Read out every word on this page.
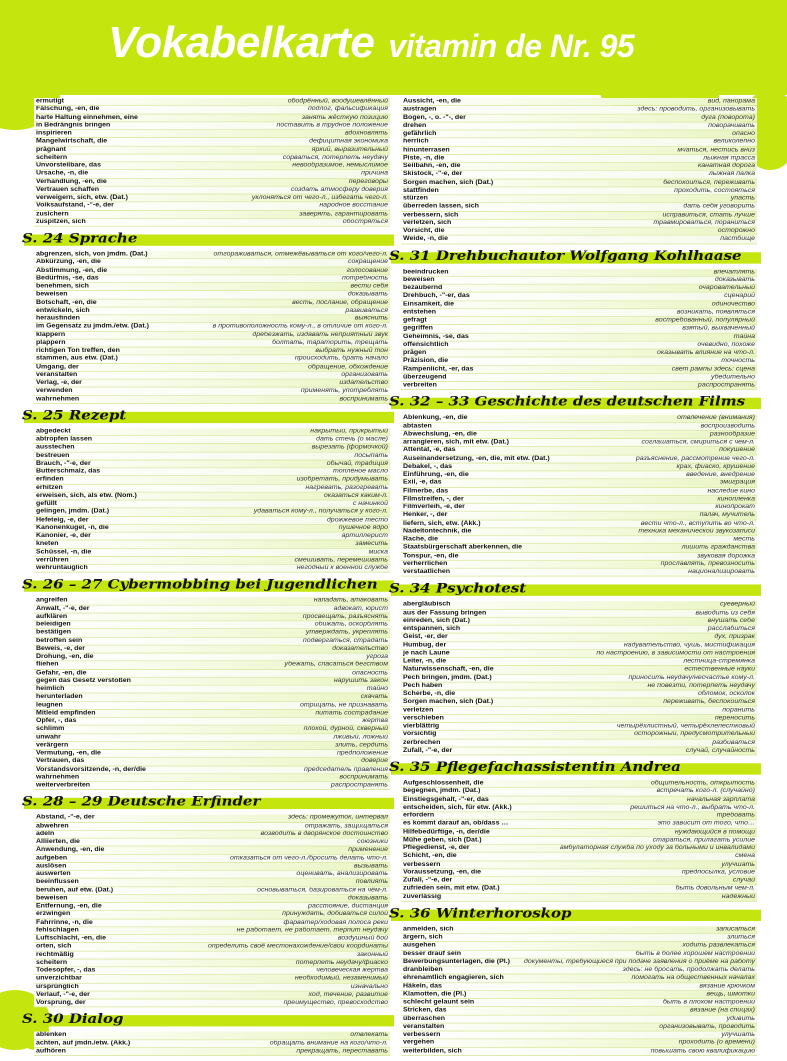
Vokabelkarte vitamin de Nr. 95
ermutigt	ободрённый, воодушевлённый
Fälschung, -en, die	подлог, фальсификация
harte Haltung einnehmen, eine	занять жёсткую позицию
in Bedrängnis bringen	поставить в трудное положение
inspirieren	вдохновлять
Mangelwirtschaft, die	дефицитная экономика
prägnant	яркий, выразительный
scheitern	сорваться, потерпеть неудачу
Unvorstellbare, das	невообразимое, немыслимое
Ursache, -n, die	причина
Verhandlung, -en, die	переговоры
Vertrauen schaffen	создать атмосферу доверия
verweigern, sich, etw. (Dat.)	уклоняться от чего-л., избегать чего-л.
Volksaufstand, -"-e, der	народное восстание
zusichern	заверять, гарантировать
zuspitzen, sich	обостряться
S. 24 Sprache
abgrenzen, sich, von jmdm. (Dat.)	отгораживаться, отмежёвываться от кого/чего-л.
Abkürzung, -en, die	сокращение
Abstimmung, -en, die	голосование
Bedürfnis, -se, das	потребность
benehmen, sich	вести себя
beweisen	доказывать
Botschaft, -en, die	весть, послание, обращение
entwickeln, sich	развиваться
herausfinden	выяснить
im Gegensatz zu jmdm./etw. (Dat.)	в противоположность кому-л., в отличие от кого-л.
klappern	дребезжать, издавать неприятный звук
plappern	болтать, тараторить, трещать
richtigen Ton treffen, den	выбрать нужный тон
stammen, aus etw. (Dat.)	происходить, брать начало
Umgang, der	обращение, обхождение
veranstalten	организовать
Verlag, -e, der	издательство
verwenden	применять, употреблять
wahrnehmen	воспринимать
S. 25 Rezept
abgedeckt	накрытый, прикрытый
abtropfen lassen	дать стечь (о масле)
ausstechen	вырезать (формочкой)
bestreuen	посыпать
Brauch, -"-e, der	обычай, традиция
Butterschmalz, das	топлёное масло
erfinden	изобретать, придумывать
erhitzen	нагревать, разогревать
erweisen, sich, als etw. (Nom.)	оказаться каким-л.
gefüllt	с начинкой
gelingen, jmdm. (Dat.)	удаваться кому-л., получаться у кого-л.
Hefeteig, -e, der	дрожжевое тесто
Kanonenkugel, -n, die	пушечное ядро
Kanonier, -e, der	артиллерист
kneten	замесить
Schüssel, -n, die	миска
verrühren	смешивать, перемешивать
wehruntauglich	негодный к военной службе
S. 26 – 27 Cybermobbing bei Jugendlichen
angreifen	нападать, атаковать
Anwalt, -"-e, der	адвокат, юрист
aufklären	просвещать, разъяснять
beleidigen	обижать, оскорблять
bestätigen	утверждать, укреплять
betroffen sein	подвергаться, страдать
Beweis, -e, der	доказательство
Drohung, -en, die	угроза
fliehen	убежать, спасаться бегством
Gefahr, -en, die	опасность
gegen das Gesetz verstoßen	нарушить закон
heimlich	тайно
herunterladen	скачать
leugnen	отрицать, не признавать
Mitleid empfinden	питать сострадание
Opfer, -, das	жертва
schlimm	плохой, дурной, скверный
unwahr	лживый, ложный
verärgern	злить, сердить
Vermutung, -en, die	предположение
Vertrauen, das	доверие
Vorstandsvorsitzende, -n, der/die	председатель правления
wahrnehmen	воспринимать
weiterverbreiten	распространять
S. 28 – 29 Deutsche Erfinder
Abstand, -"-e, der	здесь: промежуток, интервал
abwehren	отражать, защищаться
adeln	возводить в дворянское достоинство
Alliierten, die	союзники
Anwendung, -en, die	применение
aufgeben	отказаться от чего-л./бросить делать что-л.
auslösen	вызывать
auswerten	оценивать, анализировать
beeinflussen	повлиять
beruhen, auf etw. (Dat.)	основываться, базироваться на чём-л.
beweisen	доказывать
Entfernung, -en, die	расстояние, дистанция
erzwingen	принуждать, добиваться силой
Fahrrinne, -n, die	фарватер/ходовая полоса реки
fehlschlagen	не работает, не работает, терпит неудачу
Luftschlacht, -en, die	воздушный бой
orten, sich	определить своё местонахождение/свои координаты
rechtmäßig	законный
scheitern	потерпеть неудачу/фиаско
Todesopfer, -, das	человеческая жертва
unverzichtbar	необходимый, незаменимый
ursprünglich	изначально
Verlauf, -"-e, der	ход, течение, развитие
Vorsprung, der	преимущество, превосходство
S. 30 Dialog
ablenken	отвлекать
achten, auf jmdn./etw. (Akk.)	обращать внимание на кого/что-л.
aufhören	прекращать, переставать
Aussicht, -en, die	вид, панорама
austragen	здесь: проводить, организовывать
Bogen, -, o. -"-, der	дуга (поворота)
drehen	поворачивать
gefährlich	опасно
herrlich	великолепно
hinunterrasen	мчаться, нестись вниз
Piste, -n, die	лыжная трасса
Seilbahn, -en, die	канатная дорога
Skistock, -"-e, der	лыжная палка
Sorgen machen, sich (Dat.)	беспокоиться, переживать
stattfinden	проходить, состояться
stürzen	упасть
überreden lassen, sich	дать себя уговорить
verbessern, sich	исправиться, стать лучше
verletzen, sich	травмироваться, пораниться
Vorsicht, die	осторожно
Weide, -n, die	пастбище
S. 31 Drehbuchautor Wolfgang Kohlhaase
beeindrucken	впечатлять
beweisen	доказывать
bezaubernd	очаровательный
Drehbuch, -"-er, das	сценарий
Einsamkeit, die	одиночество
entstehen	возникать, появляться
gefragt	востребованный, популярный
gegriffen	взятый, выхваченный
Geheimnis, -se, das	тайна
offensichtlich	очевидно, похоже
prägen	оказывать влияние на что-л.
Präzision, die	точность
Rampenlicht, -er, das	свет рампы здесь: сцена
überzeugend	убедительно
verbreiten	распространять
S. 32 – 33 Geschichte des deutschen Films
Ablenkung, -en, die	отвлечение (внимания)
abtasten	воспроизводить
Abwechslung, -en, die	разнообразие
arrangieren, sich, mit etw. (Dat.)	соглашаться, смириться с чем-л.
Attentat, -e, das	покушение
Auseinandersetzung, -en, die, mit etw. (Dat.)	разъяснение, рассмотрение чего-л.
Debakel, -, das	крах, фиаско, крушение
Einführung, -en, die	введение, внедрение
Exil, -e, das	эмиграция
Filmerbe, das	наследие кино
Filmstreifen, -, der	кинопленка
Filmverleih, -e, der	кинопрокат
Henker, -, der	палач, мучитель
liefern, sich, etw. (Akk.)	вести что-л., вступить во что-л.
Nadeltontechnik, die	техника механической звукозаписи
Rache, die	месть
Staatsbürgerschaft aberkennen, die	лишить гражданства
Tonspur, -en, die	звуковая дорожка
verherrlichen	прославлять, превозносить
verstaatlichen	национализировать
S. 34 Psychotest
abergläubisch	суеверный
aus der Fassung bringen	выводить из себя
einreden, sich (Dat.)	внушать себе
entspannen, sich	расслабиться
Geist, -er, der	дух, призрак
Humbug, der	надувательство, чушь, мистификация
je nach Laune	по настроению, в зависимости от настроения
Leiter, -n, die	лестница-стремянка
Naturwissenschaft, -en, die	естественные науки
Pech bringen, jmdm. (Dat.)	приносить неудачу/несчастье кому-л.
Pech haben	не повезти, потерпеть неудачу
Scherbe, -n, die	обломок, осколок
Sorgen machen, sich (Dat.)	переживать, беспокоиться
verletzen	поранить
verschieben	переносить
vierblättrig	четырёхлистный, четырёхлепестковый
vorsichtig	осторожный, предусмотрительный
zerbrechen	разбиваться
Zufall, -"-e, der	случай, случайность
S. 35 Pflegefachassistentin Andrea
Aufgeschlossenheit, die	общительность, открытость
begegnen, jmdm. (Dat.)	встречать кого-л. (случайно)
Einstiegsgehalt, -"-er, das	начальная зарплата
entscheiden, sich, für etw. (Akk.)	решиться на что-л., выбрать что-л.
erfordern	требовать
es kommt darauf an, ob/dass …	это зависит от того, что…
Hilfebedürftige, -n, der/die	нуждающийся в помощи
Mühe geben, sich (Dat.)	стараться, прилагать усилие
Pflegedienst, -e, der	амбулаторная служба по уходу за больными и инвалидами
Schicht, -en, die	смена
verbessern	улучшать
Voraussetzung, -en, die	предпосылка, условие
Zufall, -"-e, der	случай
zufrieden sein, mit etw. (Dat.)	быть довольным чем-л.
zuverlässig	надёжный
S. 36 Winterhoroskop
anmelden, sich	записаться
ärgern, sich	злиться
ausgehen	ходить развлекаться
besser drauf sein	быть в более хорошем настроении
Bewerbungsunterlagen, die (Pl.) документы, требующиеся при подаче заявления о приёме на работу
dranbleiben	здесь: не бросать, продолжать делать
ehrenamtlich engagieren, sich	помогать на общественных началах
Häkeln, das	вязание крючком
Klamotten, die (Pl.)	вещь, шмотки
schlecht gelaunt sein	быть в плохом настроении
Stricken, das	вязание (на спицах)
überraschen	удивить
veranstalten	организовывать, проводить
verbessern	улучшать
vergehen	проходить (о времени)
weiterbilden, sich	повышать свою квалификацию
